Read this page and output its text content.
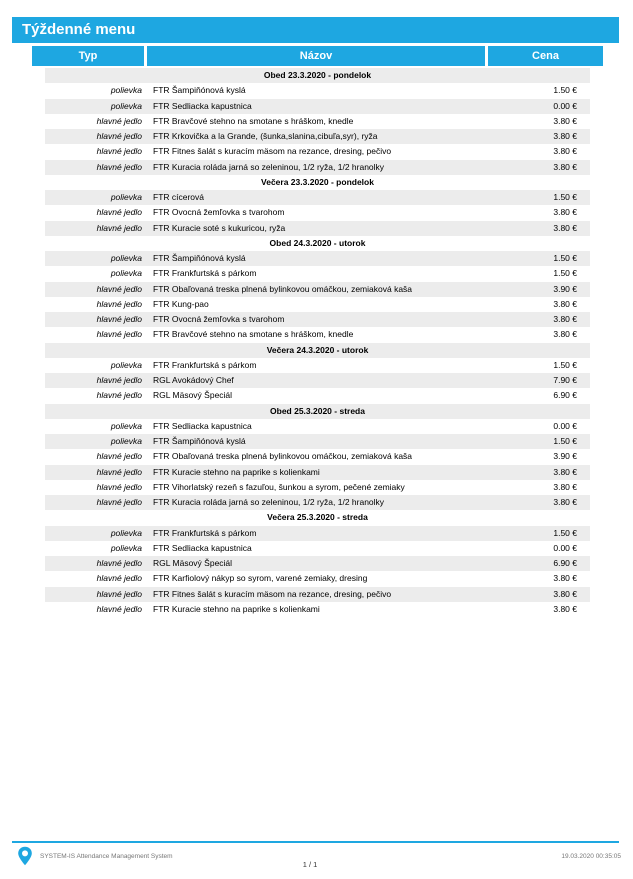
Týždenné menu
Typ	Názov	Cena
Obed 23.3.2020 - pondelok
polievka FTR Šampiňónová kyslá	1.50 €
polievka FTR Sedliacka kapustnica	0.00 €
hlavné jedlo FTR Bravčové stehno na smotane s hráškom, knedle	3.80 €
hlavné jedlo FTR Krkovička a la Grande, (šunka,slanina,cibuľa,syr), ryža	3.80 €
hlavné jedlo FTR Fitnes šalát s kuracím mäsom na rezance, dresing, pečivo	3.80 €
hlavné jedlo FTR Kuracia roláda jarná so zeleninou, 1/2 ryža, 1/2 hranolky	3.80 €
Večera 23.3.2020 - pondelok
polievka FTR cícerová	1.50 €
hlavné jedlo FTR Ovocná žemľovka s tvarohom	3.80 €
hlavné jedlo FTR Kuracie soté s kukuricou, ryža	3.80 €
Obed 24.3.2020 - utorok
polievka FTR Šampiňónová kyslá	1.50 €
polievka FTR Frankfurtská s párkom	1.50 €
hlavné jedlo FTR Obaľovaná treska plnená bylinkovou omáčkou, zemiaková kaša	3.90 €
hlavné jedlo FTR Kung-pao	3.80 €
hlavné jedlo FTR Ovocná žemľovka s tvarohom	3.80 €
hlavné jedlo FTR Bravčové stehno na smotane s hráškom, knedle	3.80 €
Večera 24.3.2020 - utorok
polievka FTR Frankfurtská s párkom	1.50 €
hlavné jedlo RGL Avokádový Chef	7.90 €
hlavné jedlo RGL Mäsový Špeciál	6.90 €
Obed 25.3.2020 - streda
polievka FTR Sedliacka kapustnica	0.00 €
polievka FTR Šampiňónová kyslá	1.50 €
hlavné jedlo FTR Obaľovaná treska plnená bylinkovou omáčkou, zemiaková kaša	3.90 €
hlavné jedlo FTR Kuracie stehno na paprike s kolienkami	3.80 €
hlavné jedlo FTR Vihorlatský rezeň s fazuľou, šunkou a syrom, pečené zemiaky	3.80 €
hlavné jedlo FTR Kuracia roláda jarná so zeleninou, 1/2 ryža, 1/2 hranolky	3.80 €
Večera 25.3.2020 - streda
polievka FTR Frankfurtská s párkom	1.50 €
polievka FTR Sedliacka kapustnica	0.00 €
hlavné jedlo RGL Mäsový Špeciál	6.90 €
hlavné jedlo FTR Karfiolový nákyp so syrom, varené zemiaky, dresing	3.80 €
hlavné jedlo FTR Fitnes šalát s kuracím mäsom na rezance, dresing, pečivo	3.80 €
hlavné jedlo FTR Kuracie stehno na paprike s kolienkami	3.80 €
SYSTEM-IS Attendance Management System
1 / 1
19.03.2020 00:35:05
